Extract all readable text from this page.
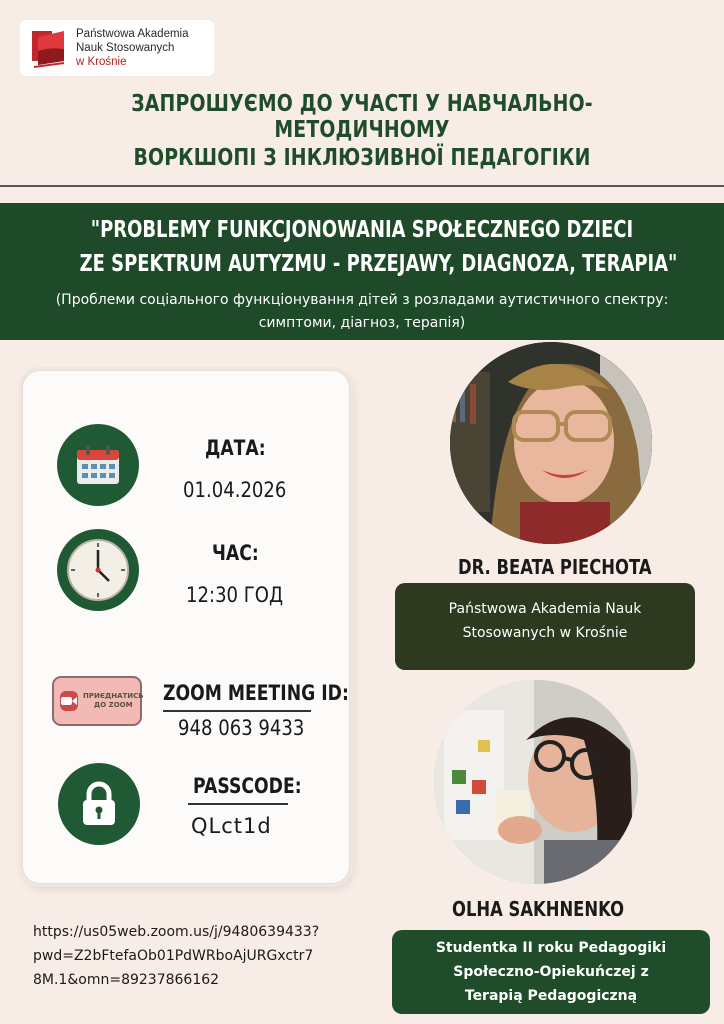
Państwowa Akademia
Nauk Stosowanych
w Krośnie
ЗАПРОШУЄМО ДО УЧАСТІ У НАВЧАЛЬНО-МЕТОДИЧНОМУ
ВОРКШОПІ З ІНКЛЮЗИВНОЇ ПЕДАГОГІКИ
"PROBLEMY FUNKCJONOWANIA SPOŁECZNEGO DZIECI
ZE SPEKTRUM AUTYZMU - PRZEJAWY, DIAGNOZA, TERAPIA"
(Проблеми соціального функціонування дітей з розладами аутистичного спектру:
симптоми, діагноз, терапія)
ДАТА:
01.04.2026
ЧАС:
12:30 ГОД
ПРИЄДНАТИСЬ
ДО ZOOM	ZOOM MEETING ID:
948 063 9433
PASSCODE:
QLct1d
https://us05web.zoom.us/j/9480639433?
pwd=Z2bFtefaOb01PdWRboAjURGxctr7
8M.1&omn=89237866162
DR. BEATA PIECHOTA
Państwowa Akademia Nauk
Stosowanych w Krośnie
OLHA SAKHNENKO
Studentka II roku Pedagogiki
Społeczno-Opiekuńczej z
Terapią Pedagogiczną
